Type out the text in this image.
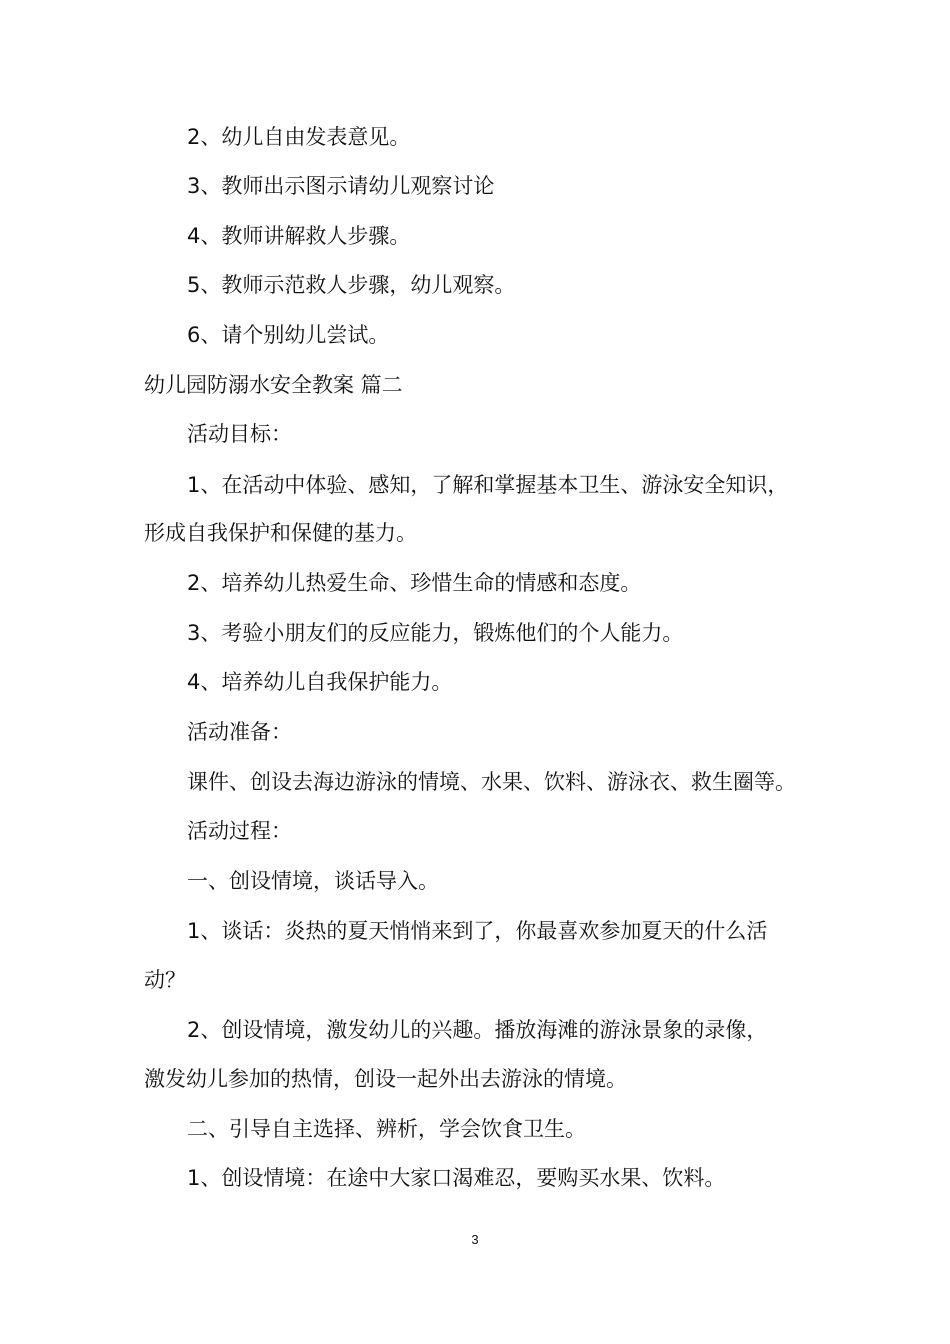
2、幼儿自由发表意见。
3、教师出示图示请幼儿观察讨论
4、教师讲解救人步骤。
5、教师示范救人步骤，幼儿观察。
6、请个别幼儿尝试。
幼儿园防溺水安全教案 篇二
活动目标：
1、在活动中体验、感知，了解和掌握基本卫生、游泳安全知识，
形成自我保护和保健的基力。
2、培养幼儿热爱生命、珍惜生命的情感和态度。
3、考验小朋友们的反应能力，锻炼他们的个人能力。
4、培养幼儿自我保护能力。
活动准备：
课件、创设去海边游泳的情境、水果、饮料、游泳衣、救生圈等。
活动过程：
一、创设情境，谈话导入。
1、谈话：炎热的夏天悄悄来到了，你最喜欢参加夏天的什么活
动？
2、创设情境，激发幼儿的兴趣。播放海滩的游泳景象的录像，
激发幼儿参加的热情，创设一起外出去游泳的情境。
二、引导自主选择、辨析，学会饮食卫生。
1、创设情境：在途中大家口渴难忍，要购买水果、饮料。
3
